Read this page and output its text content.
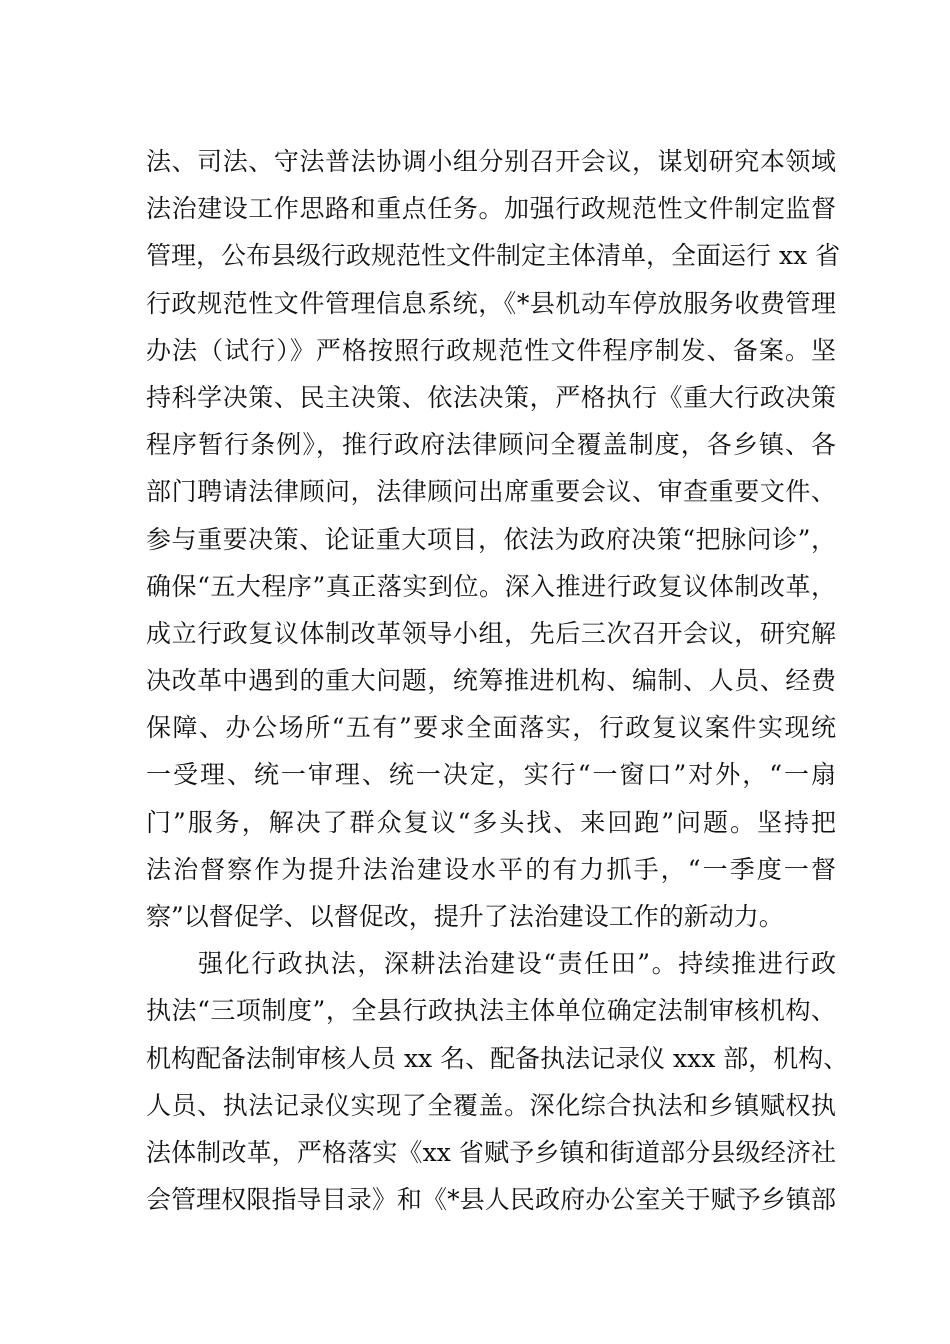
法、司法、守法普法协调小组分别召开会议，谋划研究本领域
法治建设工作思路和重点任务。加强行政规范性文件制定监督
管理，公布县级行政规范性文件制定主体清单，全面运行 xx 省
行政规范性文件管理信息系统，《*县机动车停放服务收费管理
办法（试行）》严格按照行政规范性文件程序制发、备案。坚
持科学决策、民主决策、依法决策，严格执行《重大行政决策
程序暂行条例》，推行政府法律顾问全覆盖制度，各乡镇、各
部门聘请法律顾问，法律顾问出席重要会议、审查重要文件、
参与重要决策、论证重大项目，依法为政府决策“把脉问诊”，
确保“五大程序”真正落实到位。深入推进行政复议体制改革，
成立行政复议体制改革领导小组，先后三次召开会议，研究解
决改革中遇到的重大问题，统筹推进机构、编制、人员、经费
保障、办公场所“五有”要求全面落实，行政复议案件实现统
一受理、统一审理、统一决定，实行“一窗口”对外，“一扇
门”服务，解决了群众复议“多头找、来回跑”问题。坚持把
法治督察作为提升法治建设水平的有力抓手，“一季度一督
察”以督促学、以督促改，提升了法治建设工作的新动力。
强化行政执法，深耕法治建设“责任田”。持续推进行政
执法“三项制度”，全县行政执法主体单位确定法制审核机构、
机构配备法制审核人员 xx 名、配备执法记录仪 xxx 部，机构、
人员、执法记录仪实现了全覆盖。深化综合执法和乡镇赋权执
法体制改革，严格落实《xx 省赋予乡镇和街道部分县级经济社
会管理权限指导目录》和《*县人民政府办公室关于赋予乡镇部
